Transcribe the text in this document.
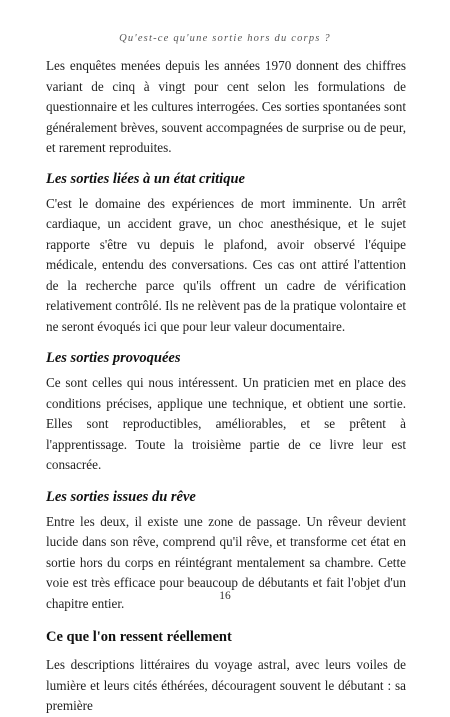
Qu'est-ce qu'une sortie hors du corps ?

Les enquêtes menées depuis les années 1970 donnent des chiffres variant de cinq à vingt pour cent selon les formulations de questionnaire et les cultures interrogées. Ces sorties spontanées sont généralement brèves, souvent accompagnées de surprise ou de peur, et rarement reproduites.

Les sorties liées à un état critique

C'est le domaine des expériences de mort imminente. Un arrêt cardiaque, un accident grave, un choc anesthésique, et le sujet rapporte s'être vu depuis le plafond, avoir observé l'équipe médicale, entendu des conversations. Ces cas ont attiré l'attention de la recherche parce qu'ils offrent un cadre de vérification relativement contrôlé. Ils ne relèvent pas de la pratique volontaire et ne seront évoqués ici que pour leur valeur documentaire.

Les sorties provoquées

Ce sont celles qui nous intéressent. Un praticien met en place des conditions précises, applique une technique, et obtient une sortie. Elles sont reproductibles, améliorables, et se prêtent à l'apprentissage. Toute la troisième partie de ce livre leur est consacrée.

Les sorties issues du rêve

Entre les deux, il existe une zone de passage. Un rêveur devient lucide dans son rêve, comprend qu'il rêve, et transforme cet état en sortie hors du corps en réintégrant mentalement sa chambre. Cette voie est très efficace pour beaucoup de débutants et fait l'objet d'un chapitre entier.

Ce que l'on ressent réellement

Les descriptions littéraires du voyage astral, avec leurs voiles de lumière et leurs cités éthérées, découragent souvent le débutant : sa première

16
